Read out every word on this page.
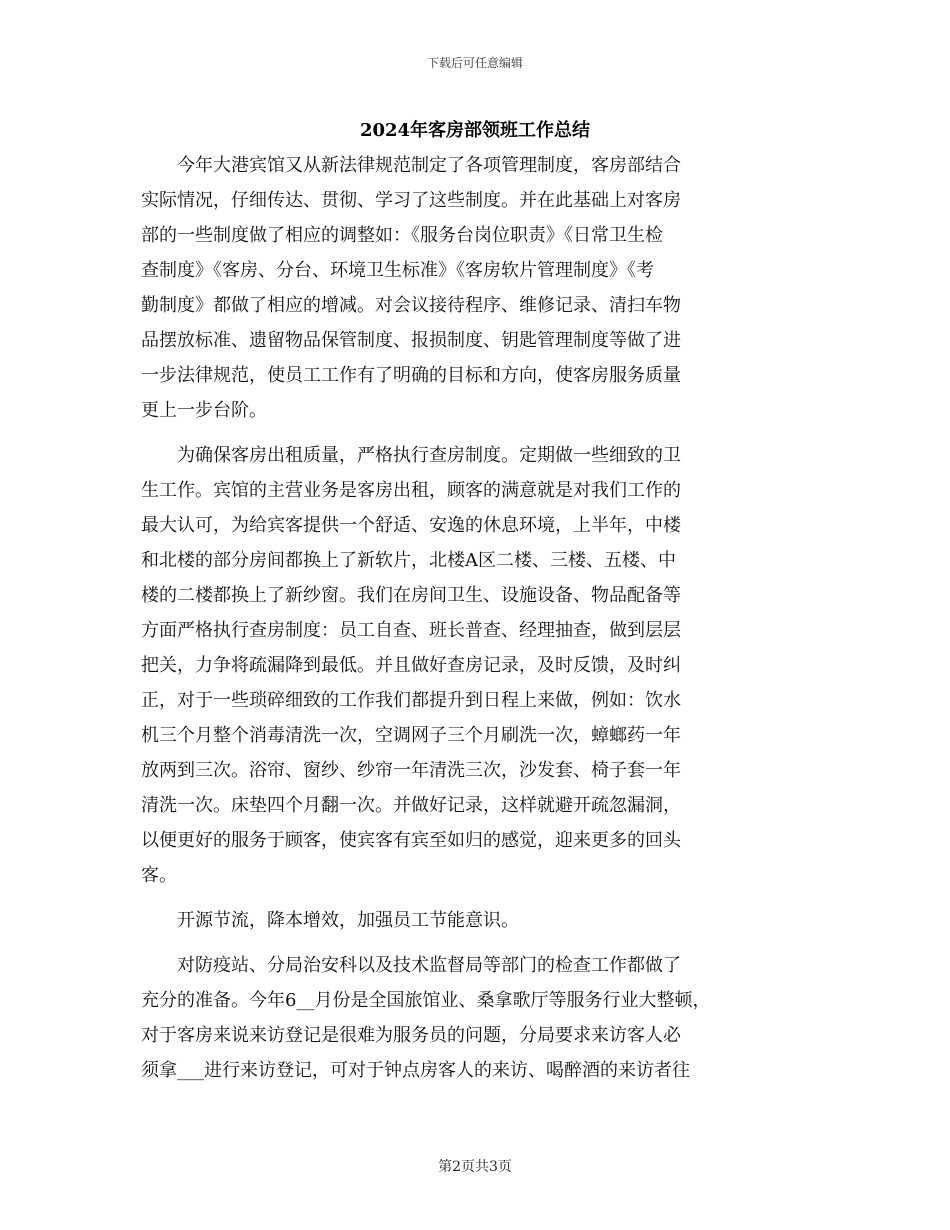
下载后可任意编辑
2024年客房部领班工作总结
　　今年大港宾馆又从新法律规范制定了各项管理制度，客房部结合
实际情况，仔细传达、贯彻、学习了这些制度。并在此基础上对客房
部的一些制度做了相应的调整如：《服务台岗位职责》《日常卫生检
查制度》《客房、分台、环境卫生标准》《客房软片管理制度》《考
勤制度》都做了相应的增减。对会议接待程序、维修记录、清扫车物
品摆放标准、遗留物品保管制度、报损制度、钥匙管理制度等做了进
一步法律规范，使员工工作有了明确的目标和方向，使客房服务质量
更上一步台阶。
　　为确保客房出租质量，严格执行查房制度。定期做一些细致的卫
生工作。宾馆的主营业务是客房出租，顾客的满意就是对我们工作的
最大认可，为给宾客提供一个舒适、安逸的休息环境，上半年，中楼
和北楼的部分房间都换上了新软片，北楼A区二楼、三楼、五楼、中
楼的二楼都换上了新纱窗。我们在房间卫生、设施设备、物品配备等
方面严格执行查房制度：员工自查、班长普查、经理抽查，做到层层
把关，力争将疏漏降到最低。并且做好查房记录，及时反馈，及时纠
正，对于一些琐碎细致的工作我们都提升到日程上来做，例如：饮水
机三个月整个消毒清洗一次，空调网子三个月刷洗一次，蟑螂药一年
放两到三次。浴帘、窗纱、纱帘一年清洗三次，沙发套、椅子套一年
清洗一次。床垫四个月翻一次。并做好记录，这样就避开疏忽漏洞，
以便更好的服务于顾客，使宾客有宾至如归的感觉，迎来更多的回头
客。
　　开源节流，降本增效，加强员工节能意识。
　　对防疫站、分局治安科以及技术监督局等部门的检查工作都做了
充分的准备。今年6__月份是全国旅馆业、桑拿歌厅等服务行业大整顿，
对于客房来说来访登记是很难为服务员的问题，分局要求来访客人必
须拿___进行来访登记，可对于钟点房客人的来访、喝醉酒的来访者往
第2页共3页
